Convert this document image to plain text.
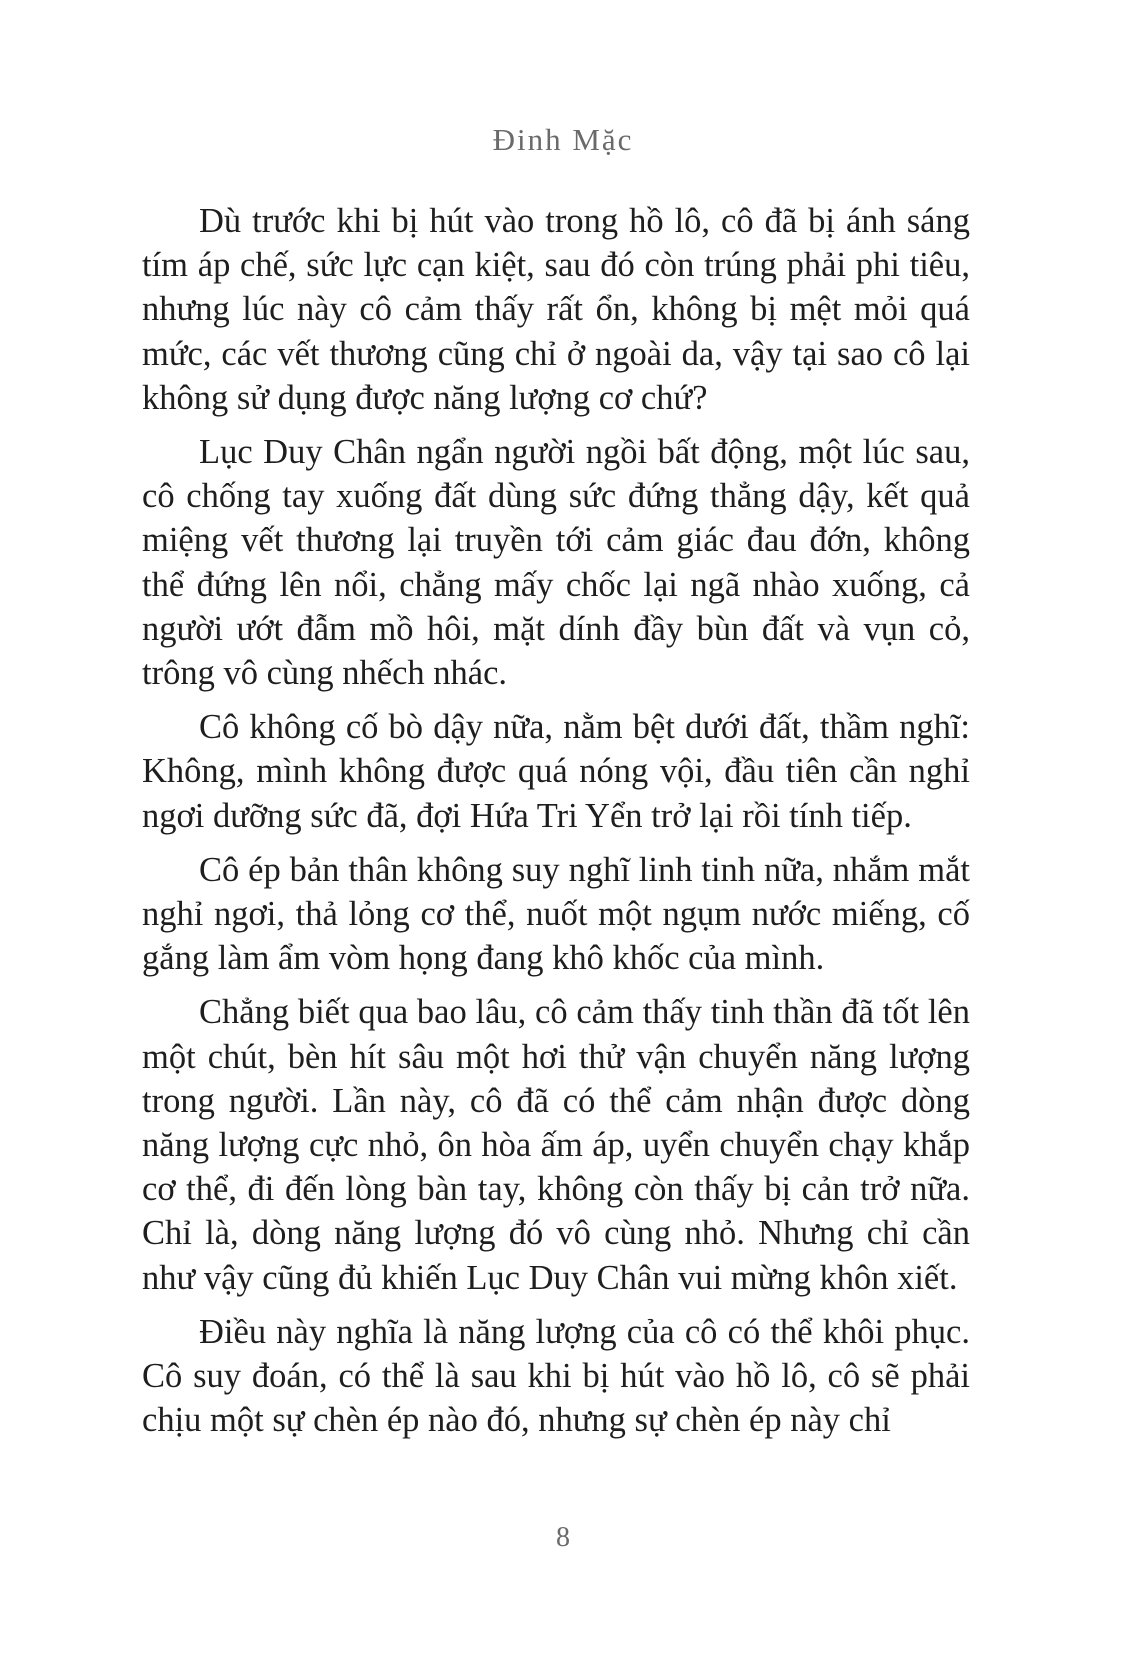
Đinh Mặc

Dù trước khi bị hút vào trong hồ lô, cô đã bị ánh sáng tím áp chế, sức lực cạn kiệt, sau đó còn trúng phải phi tiêu, nhưng lúc này cô cảm thấy rất ổn, không bị mệt mỏi quá mức, các vết thương cũng chỉ ở ngoài da, vậy tại sao cô lại không sử dụng được năng lượng cơ chứ?

Lục Duy Chân ngẩn người ngồi bất động, một lúc sau, cô chống tay xuống đất dùng sức đứng thẳng dậy, kết quả miệng vết thương lại truyền tới cảm giác đau đớn, không thể đứng lên nổi, chẳng mấy chốc lại ngã nhào xuống, cả người ướt đẫm mồ hôi, mặt dính đầy bùn đất và vụn cỏ, trông vô cùng nhếch nhác.

Cô không cố bò dậy nữa, nằm bệt dưới đất, thầm nghĩ: Không, mình không được quá nóng vội, đầu tiên cần nghỉ ngơi dưỡng sức đã, đợi Hứa Tri Yển trở lại rồi tính tiếp.

Cô ép bản thân không suy nghĩ linh tinh nữa, nhắm mắt nghỉ ngơi, thả lỏng cơ thể, nuốt một ngụm nước miếng, cố gắng làm ẩm vòm họng đang khô khốc của mình.

Chẳng biết qua bao lâu, cô cảm thấy tinh thần đã tốt lên một chút, bèn hít sâu một hơi thử vận chuyển năng lượng trong người. Lần này, cô đã có thể cảm nhận được dòng năng lượng cực nhỏ, ôn hòa ấm áp, uyển chuyển chạy khắp cơ thể, đi đến lòng bàn tay, không còn thấy bị cản trở nữa. Chỉ là, dòng năng lượng đó vô cùng nhỏ. Nhưng chỉ cần như vậy cũng đủ khiến Lục Duy Chân vui mừng khôn xiết.

Điều này nghĩa là năng lượng của cô có thể khôi phục. Cô suy đoán, có thể là sau khi bị hút vào hồ lô, cô sẽ phải chịu một sự chèn ép nào đó, nhưng sự chèn ép này chỉ

8
